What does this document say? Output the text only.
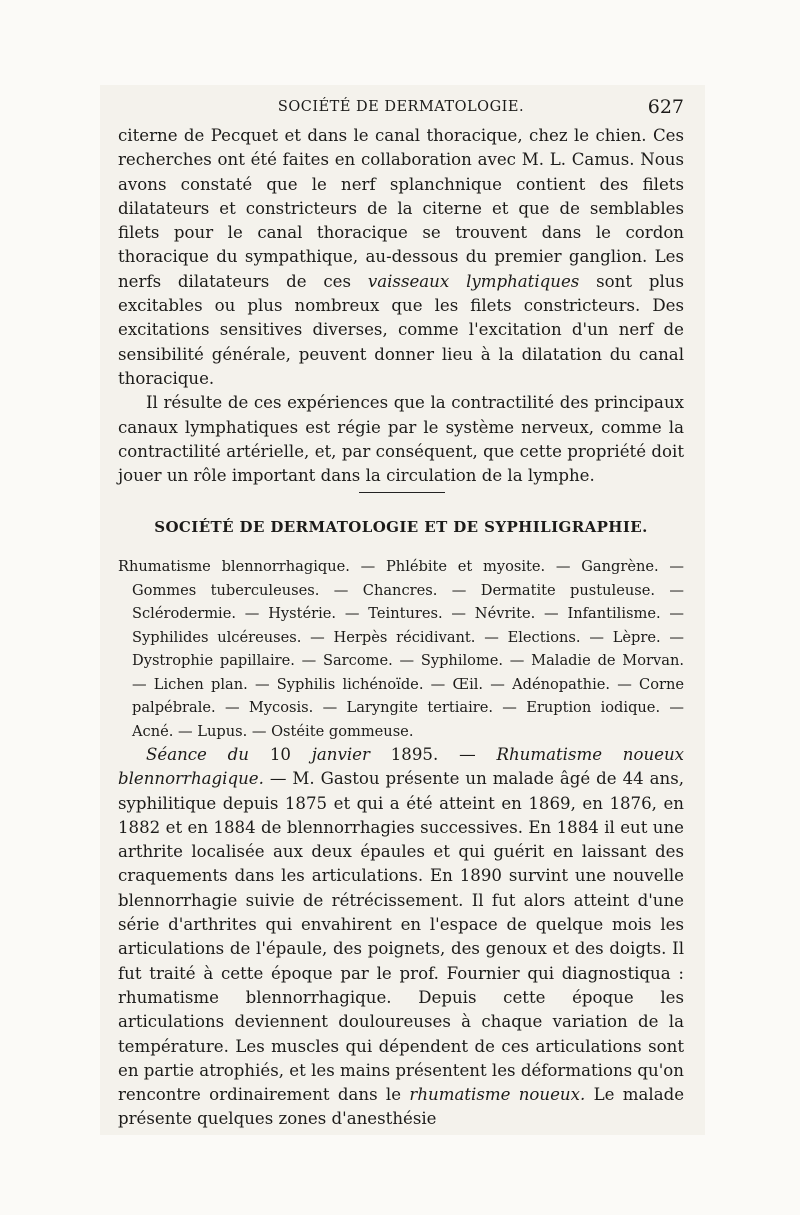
SOCIÉTÉ DE DERMATOLOGIE.	627

citerne de Pecquet et dans le canal thoracique, chez le chien. Ces recherches ont été faites en collaboration avec M. L. Camus. Nous avons constaté que le nerf splanchnique contient des filets dilatateurs et constricteurs de la citerne et que de semblables filets pour le canal thoracique se trouvent dans le cordon thoracique du sympathique, au-dessous du premier ganglion. Les nerfs dilatateurs de ces vaisseaux lymphatiques sont plus excitables ou plus nombreux que les filets constricteurs. Des excitations sensitives diverses, comme l'excitation d'un nerf de sensibilité générale, peuvent donner lieu à la dilatation du canal thoracique.

Il résulte de ces expériences que la contractilité des principaux canaux lymphatiques est régie par le système nerveux, comme la contractilité artérielle, et, par conséquent, que cette propriété doit jouer un rôle important dans la circulation de la lymphe.

SOCIÉTÉ DE DERMATOLOGIE ET DE SYPHILIGRAPHIE.
Rhumatisme blennorrhagique. — Phlébite et myosite. — Gangrène. — Gommes tuberculeuses. — Chancres. — Dermatite pustuleuse. — Sclérodermie. — Hystérie. — Teintures. — Névrite. — Infantilisme. — Syphilides ulcéreuses. — Herpès récidivant. — Elections. — Lèpre. — Dystrophie papillaire. — Sarcome. — Syphilome. — Maladie de Morvan. — Lichen plan. — Syphilis lichénoïde. — Œil. — Adénopathie. — Corne palpébrale. — Mycosis. — Laryngite tertiaire. — Eruption iodique. — Acné. — Lupus. — Ostéite gommeuse.

Séance du 10 janvier 1895. — Rhumatisme noueux blennorrhagique. — M. Gastou présente un malade âgé de 44 ans, syphilitique depuis 1875 et qui a été atteint en 1869, en 1876, en 1882 et en 1884 de blennorrhagies successives. En 1884 il eut une arthrite localisée aux deux épaules et qui guérit en laissant des craquements dans les articulations. En 1890 survint une nouvelle blennorrhagie suivie de rétrécissement. Il fut alors atteint d'une série d'arthrites qui envahirent en l'espace de quelque mois les articulations de l'épaule, des poignets, des genoux et des doigts. Il fut traité à cette époque par le prof. Fournier qui diagnostiqua : rhumatisme blennorrhagique. Depuis cette époque les articulations deviennent douloureuses à chaque variation de la température. Les muscles qui dépendent de ces articulations sont en partie atrophiés, et les mains présentent les déformations qu'on rencontre ordinairement dans le rhumatisme noueux. Le malade présente quelques zones d'anesthésie
